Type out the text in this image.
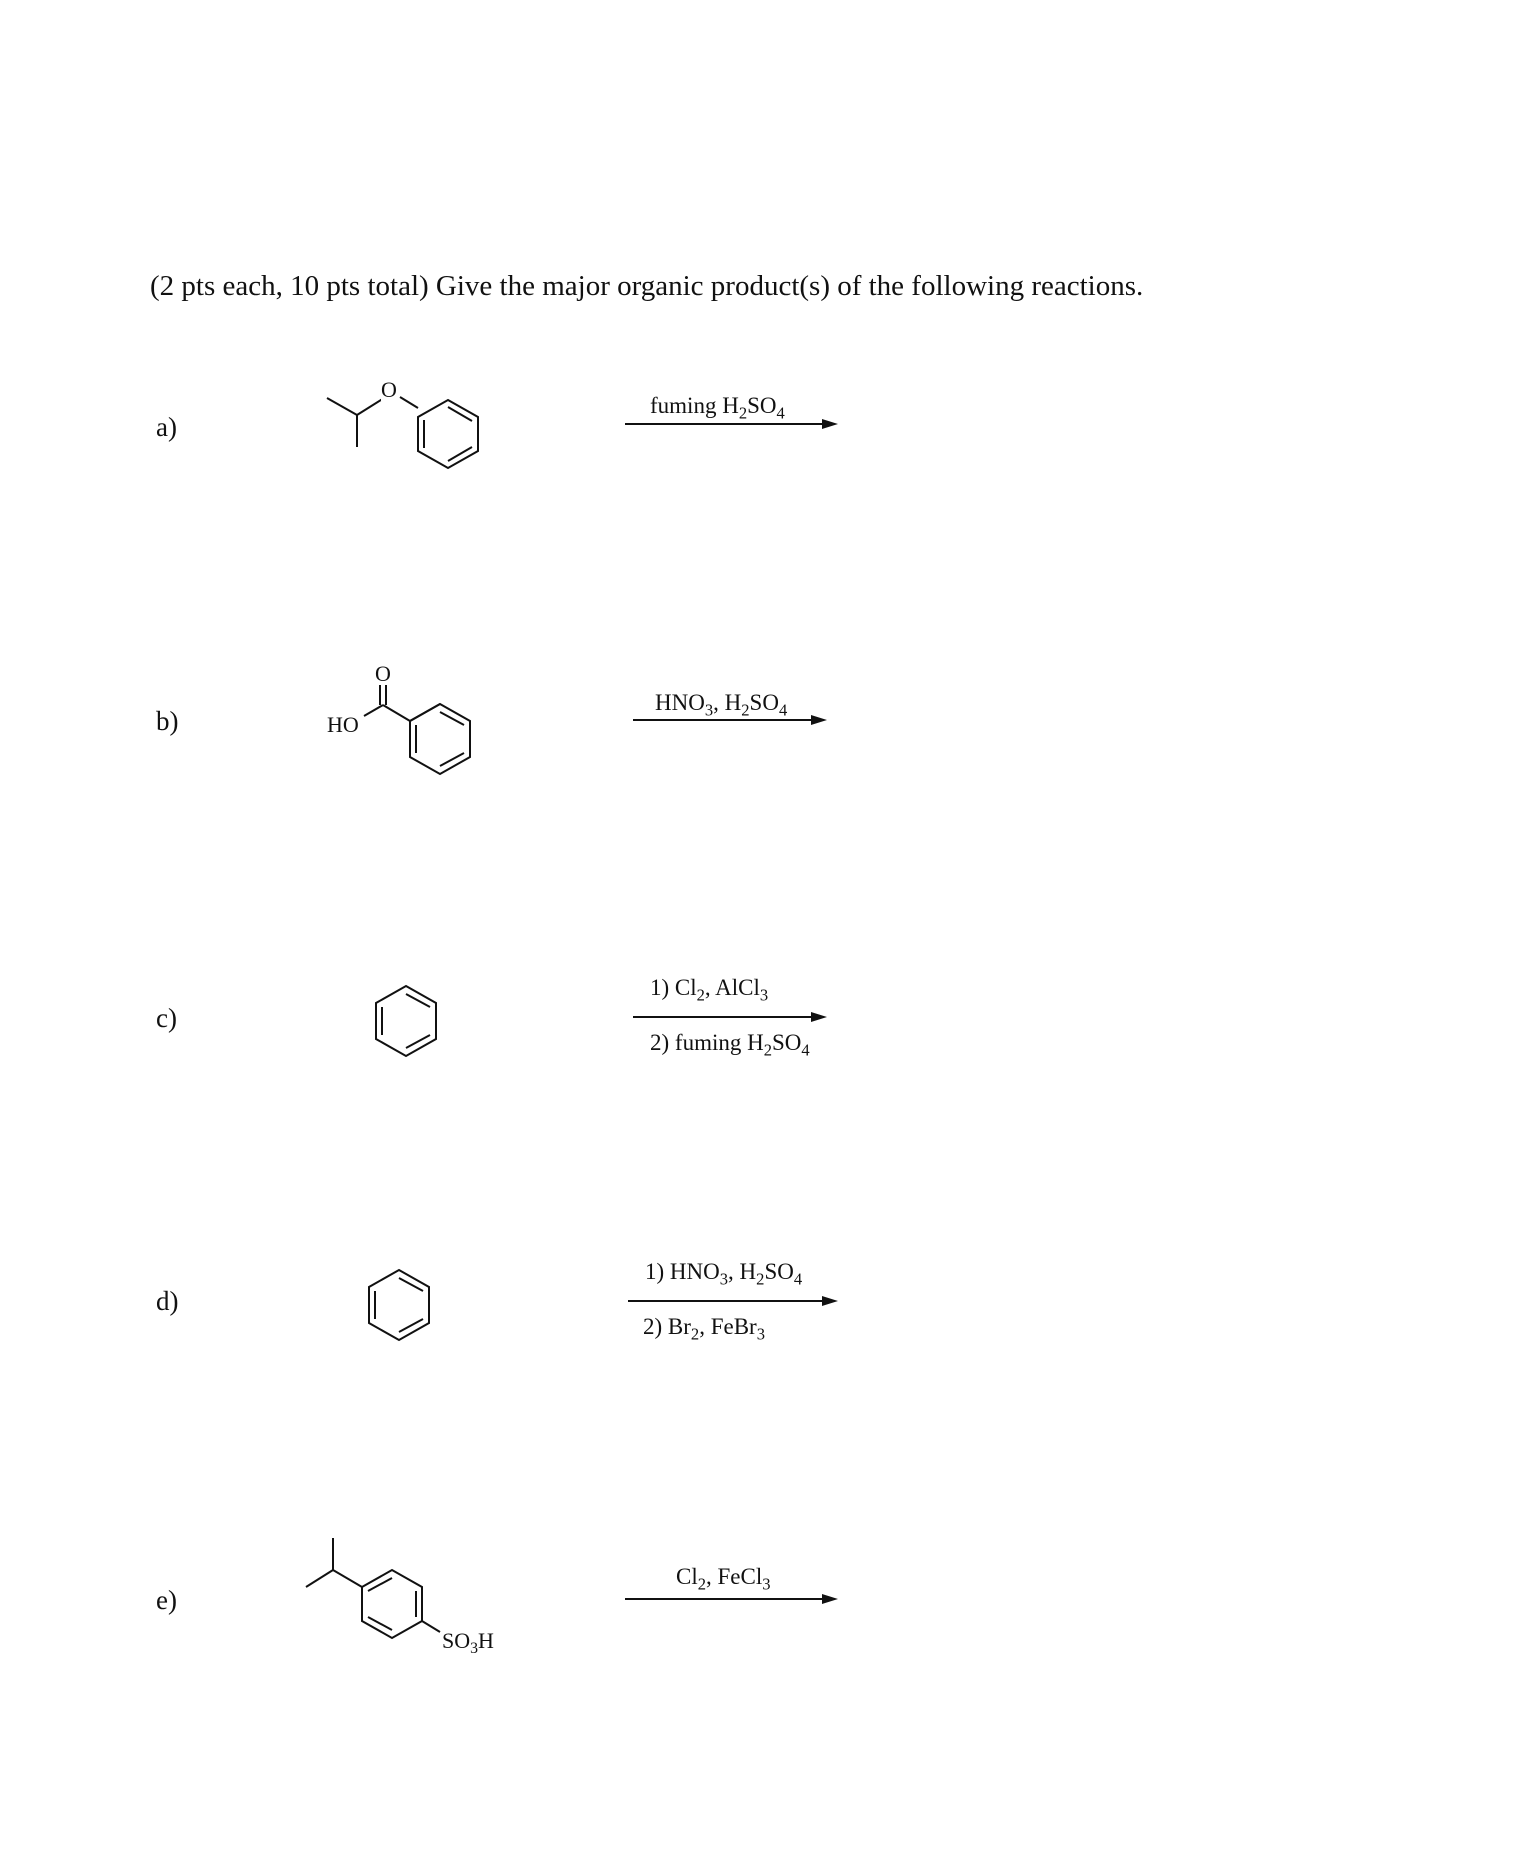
(2 pts each, 10 pts total) Give the major organic product(s) of the following reactions.
a)
O
fuming $H_2SO_4$
b)
O
HO
$HNO_3$, $H_2SO_4$
c)
1) $Cl_2$, AlCl$_3$
2) fuming $H_2SO_4$
d)
1) $HNO_3$, $H_2SO_4$
2) $Br_2$, FeBr$_3$
e)
$SO_3H$
$Cl_2$, FeCl$_3$
